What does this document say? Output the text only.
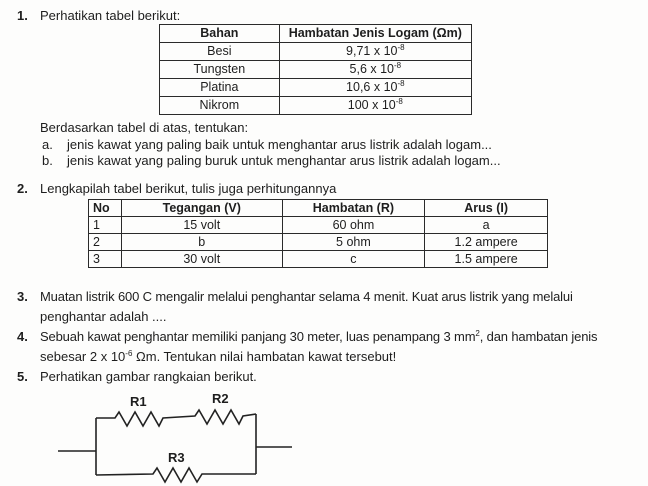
1. Perhatikan tabel berikut:
Bahan	Hambatan Jenis Logam (Ωm)
Besi	9,71 x $10^{-8}$
Tungsten	5,6 x $10^{-8}$
Platina	10,6 x $10^{-8}$
Nikrom	100 x $10^{-8}$
Berdasarkan tabel di atas, tentukan:
a. jenis kawat yang paling baik untuk menghantar arus listrik adalah logam...
b. jenis kawat yang paling buruk untuk menghantar arus listrik adalah logam...
2. Lengkapilah tabel berikut, tulis juga perhitungannya
No	Tegangan (V)	Hambatan (R)	Arus (I)
1	15 volt	60 ohm	a
2	b	5 ohm	1.2 ampere
3	30 volt	c	1.5 ampere
3. Muatan listrik 600 C mengalir melalui penghantar selama 4 menit. Kuat arus listrik yang melalui
penghantar adalah ....
4. Sebuah kawat penghantar memiliki panjang 30 meter, luas penampang 3 $mm^2$, dan hambatan jenis
sebesar 2 x $10^{-6}$ Ωm. Tentukan nilai hambatan kawat tersebut!
5. Perhatikan gambar rangkaian berikut.
R1	R2
R3
